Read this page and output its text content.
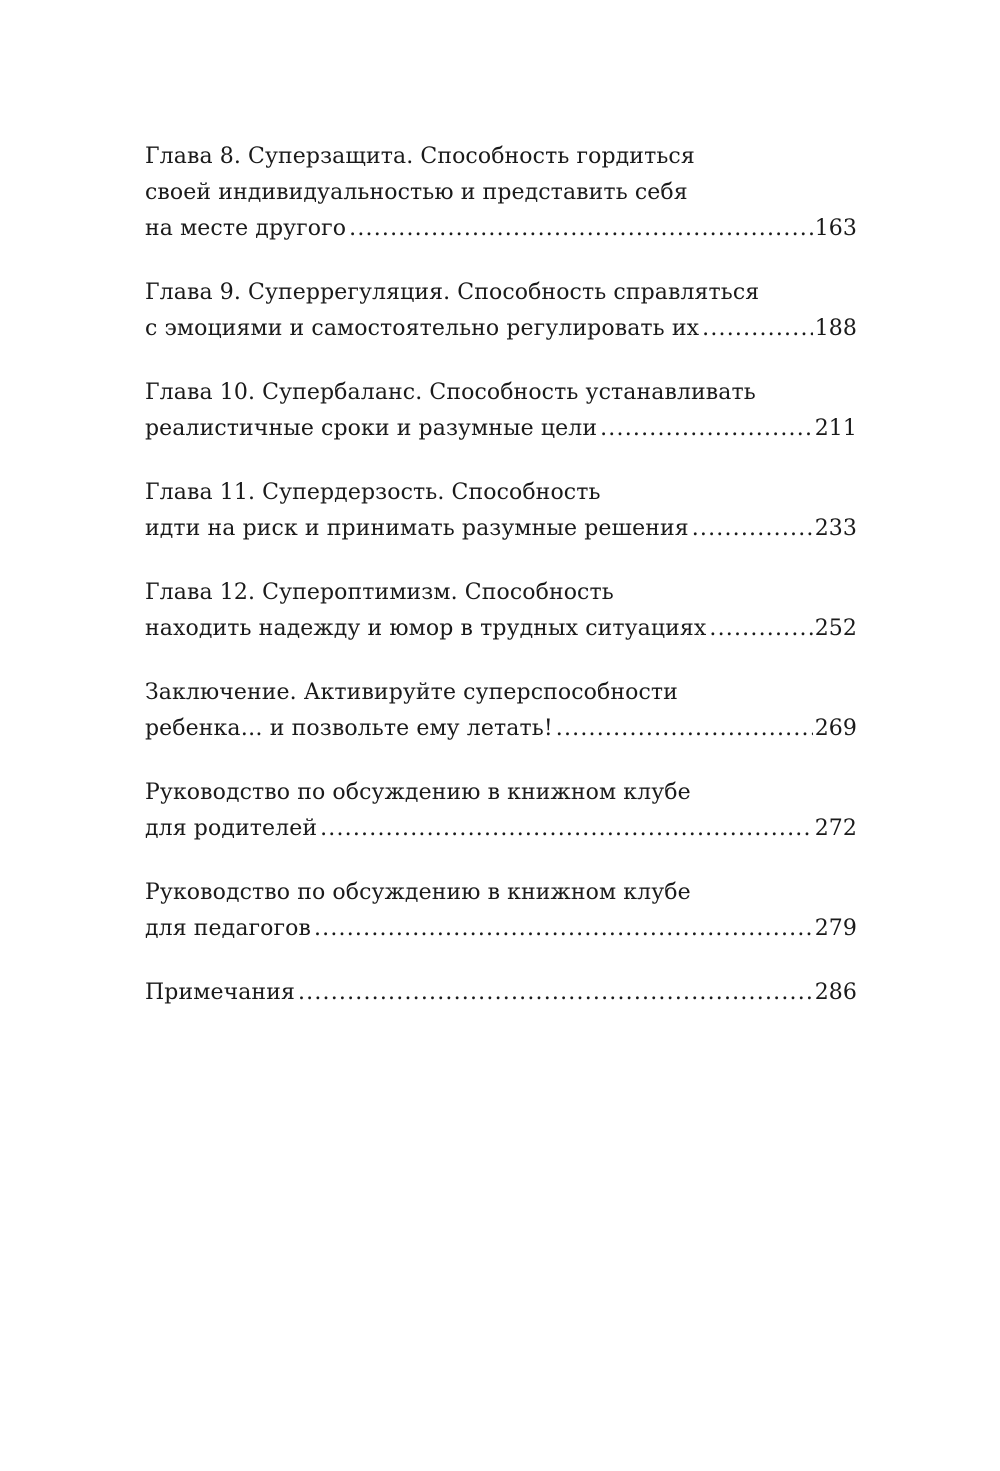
Глава 8. Суперзащита. Способность гордиться
своей индивидуальностью и представить себя
на месте другого .....	163
Глава 9. Суперрегуляция. Способность справляться
с эмоциями и самостоятельно регулировать их .....	188
Глава 10. Супербаланс. Способность устанавливать
реалистичные сроки и разумные цели .....	211
Глава 11. Супердерзость. Способность
идти на риск и принимать разумные решения .....	233
Глава 12. Супероптимизм. Способность
находить надежду и юмор в трудных ситуациях .....	252
Заключение. Активируйте суперспособности
ребенка… и позвольте ему летать! .....	269
Руководство по обсуждению в книжном клубе
для родителей .....	272
Руководство по обсуждению в книжном клубе
для педагогов .....	279
Примечания .....	286
